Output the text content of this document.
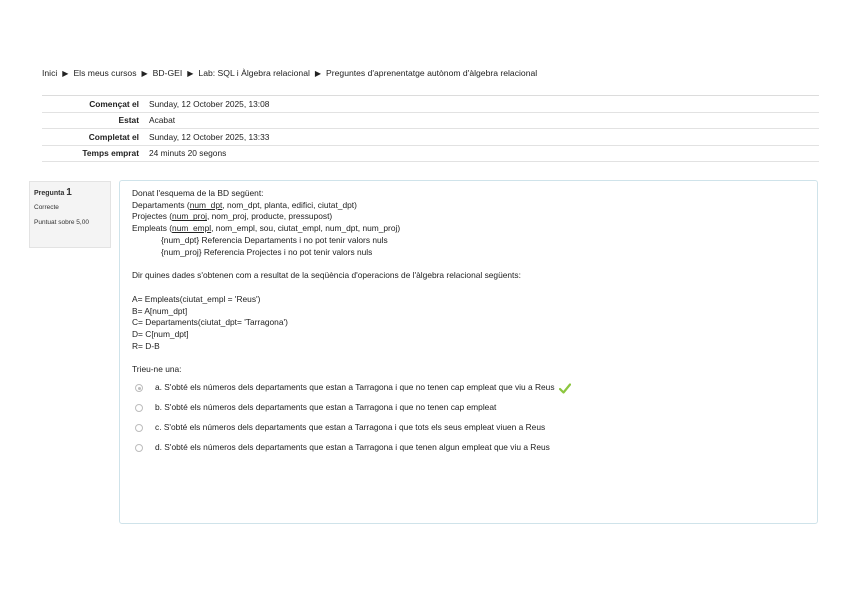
Inici ▶ Els meus cursos ▶ BD-GEI ▶ Lab: SQL i Àlgebra relacional ▶ Preguntes d'aprenentatge autònom d'àlgebra relacional
Començat el	Sunday, 12 October 2025, 13:08
Estat	Acabat
Completat el	Sunday, 12 October 2025, 13:33
Temps emprat	24 minuts 20 segons
Pregunta 1
Correcte
Puntuat sobre 5,00

Donat l'esquema de la BD següent:

Departaments (num_dpt, nom_dpt, planta, edifici, ciutat_dpt)

Projectes (num_proj, nom_proj, producte, pressupost)

Empleats (num_empl, nom_empl, sou, ciutat_empl, num_dpt, num_proj)

{num_dpt} Referencia Departaments i no pot tenir valors nuls

{num_proj} Referencia Projectes i no pot tenir valors nuls

Dir quines dades s'obtenen com a resultat de la seqüència d'operacions de l'àlgebra relacional següents:

A= Empleats(ciutat_empl = 'Reus')

B= A[num_dpt]

C= Departaments(ciutat_dpt= 'Tarragona')

D= C[num_dpt]

R= D-B

Trieu-ne una:

a. S'obté els números dels departaments que estan a Tarragona i que no tenen cap empleat que viu a Reus
b. S'obté els números dels departaments que estan a Tarragona i que no tenen cap empleat
c. S'obté els números dels departaments que estan a Tarragona i que tots els seus empleat viuen a Reus
d. S'obté els números dels departaments que estan a Tarragona i que tenen algun empleat que viu a Reus
